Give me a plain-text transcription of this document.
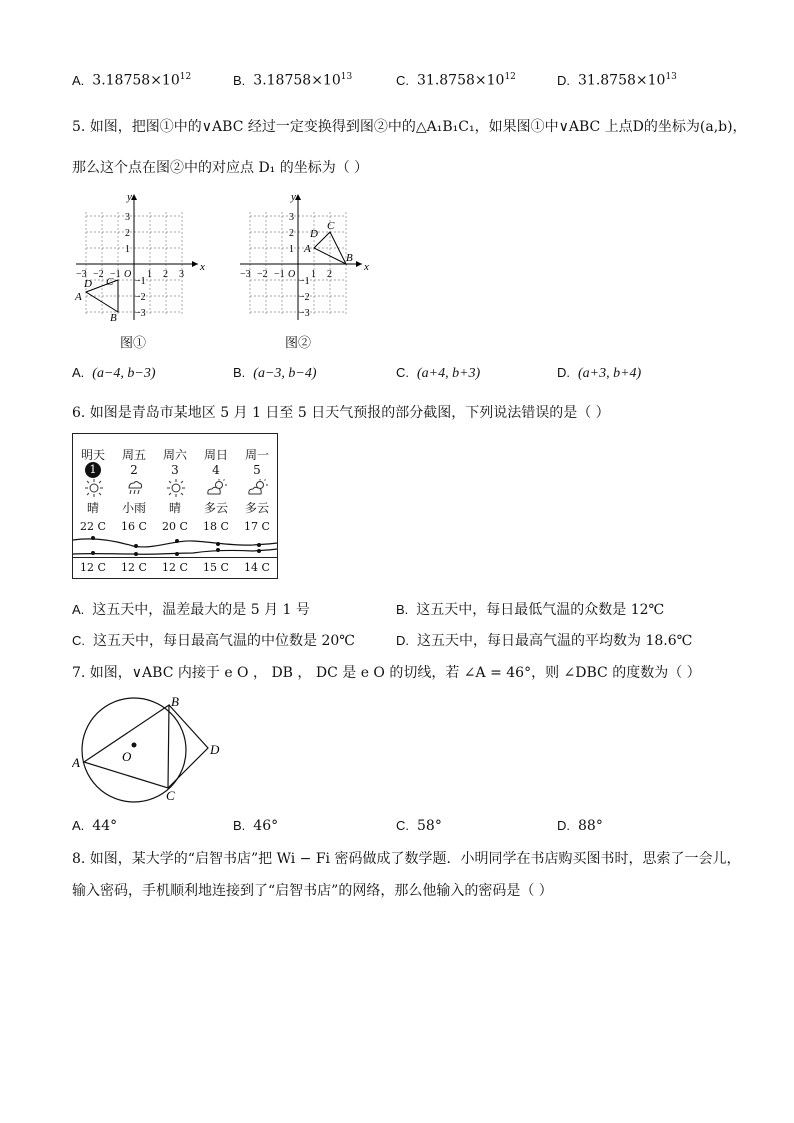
A. $3.18758\times 10^{12}$	B. $3.18758\times 10^{13}$	C. $31.8758\times 10^{12}$	D. $31.8758\times 10^{13}$
5. 如图，把图①中的∨ABC 经过一定变换得到图②中的△A₁B₁C₁，如果图①中∨ABC 上点D的坐标为(a,b)，
那么这个点在图②中的对应点 D₁ 的坐标为（ ）
x
y
O 1 2 3
−3 −2 −1
3
2
1
−1
−2
−3
A
D C
B
图①
x
y
O
−3 −2 −1	1 2
3
2
1
−1
−2
−3
A
D
C
B
图②
A. (a−4, b−3)	B. (a−3, b−4)	C. (a+4, b+3)	D. (a+3, b+4)
6. 如图是青岛市某地区 5 月 1 日至 5 日天气预报的部分截图，下列说法错误的是（ ）
明天	周五	周六	周日	周一
1	2	3	4	5
晴	小雨	晴	多云	多云
22 C	16 C	20 C	18 C	17 C
12 C	12 C	12 C	15 C	14 C
A. 这五天中，温差最大的是 5 月 1 号	B. 这五天中，每日最低气温的众数是 12℃
C. 这五天中，每日最高气温的中位数是 20℃	D. 这五天中，每日最高气温的平均数为 18.6℃
7. 如图，∨ABC 内接于 e O ， DB ， DC 是 e O 的切线，若 ∠A = 46°，则 ∠DBC 的度数为（ ）
A
B
C
D
O
A. 44°	B. 46°	C. 58°	D. 88°
8. 如图，某大学的“启智书店”把 Wi − Fi 密码做成了数学题．小明同学在书店购买图书时，思索了一会儿，
输入密码，手机顺利地连接到了“启智书店”的网络，那么他输入的密码是（ ）
